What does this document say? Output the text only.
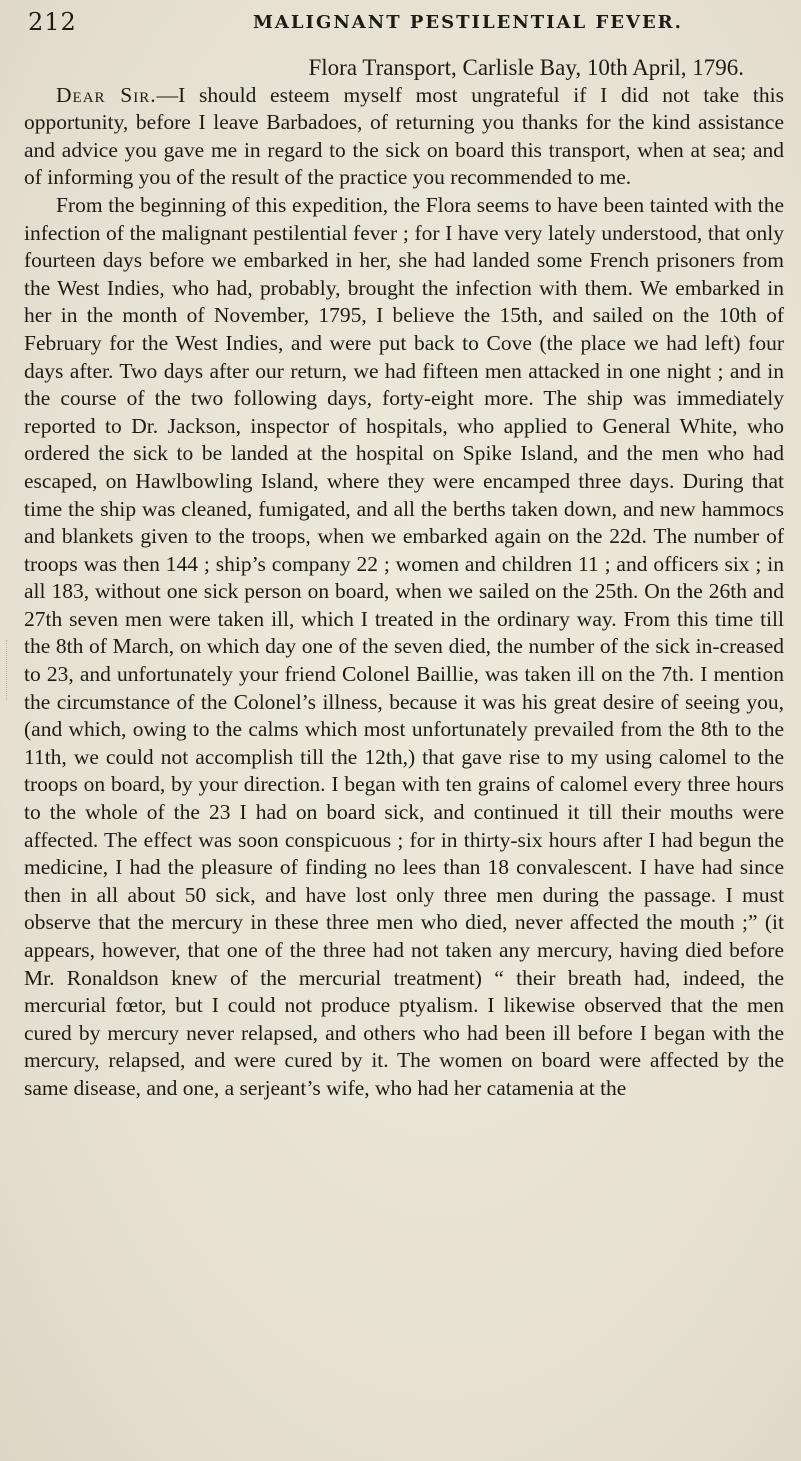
212	MALIGNANT PESTILENTIAL FEVER.

Flora Transport, Carlisle Bay, 10th April, 1796.

Dear Sir.—I should esteem myself most ungrateful if I did not take this opportunity, before I leave Barbadoes, of returning you thanks for the kind assistance and advice you gave me in regard to the sick on board this transport, when at sea; and of informing you of the result of the practice you recommended to me.

From the beginning of this expedition, the Flora seems to have been tainted with the infection of the malignant pestilential fever ; for I have very lately understood, that only fourteen days before we embarked in her, she had landed some French prisoners from the West Indies, who had, probably, brought the infection with them. We embarked in her in the month of November, 1795, I believe the 15th, and sailed on the 10th of February for the West Indies, and were put back to Cove (the place we had left) four days after. Two days after our return, we had fifteen men attacked in one night ; and in the course of the two following days, forty-eight more. The ship was immediately reported to Dr. Jackson, inspector of hospitals, who applied to General White, who ordered the sick to be landed at the hospital on Spike Island, and the men who had escaped, on Hawlbowling Island, where they were encamped three days. During that time the ship was cleaned, fumigated, and all the berths taken down, and new hammocs and blankets given to the troops, when we embarked again on the 22d. The number of troops was then 144 ; ship’s company 22 ; women and children 11 ; and officers six ; in all 183, without one sick person on board, when we sailed on the 25th. On the 26th and 27th seven men were taken ill, which I treated in the ordinary way. From this time till the 8th of March, on which day one of the seven died, the number of the sick in-creased to 23, and unfortunately your friend Colonel Baillie, was taken ill on the 7th. I mention the circumstance of the Colonel’s illness, because it was his great desire of seeing you, (and which, owing to the calms which most unfortunately prevailed from the 8th to the 11th, we could not accomplish till the 12th,) that gave rise to my using calomel to the troops on board, by your direction. I began with ten grains of calomel every three hours to the whole of the 23 I had on board sick, and continued it till their mouths were affected. The effect was soon conspicuous ; for in thirty-six hours after I had begun the medicine, I had the pleasure of finding no lees than 18 convalescent. I have had since then in all about 50 sick, and have lost only three men during the passage. I must observe that the mercury in these three men who died, never affected the mouth ;” (it appears, however, that one of the three had not taken any mercury, having died before Mr. Ronaldson knew of the mercurial treatment) “ their breath had, indeed, the mercurial fœtor, but I could not produce ptyalism. I likewise observed that the men cured by mercury never relapsed, and others who had been ill before I began with the mercury, relapsed, and were cured by it. The women on board were affected by the same disease, and one, a serjeant’s wife, who had her catamenia at the
